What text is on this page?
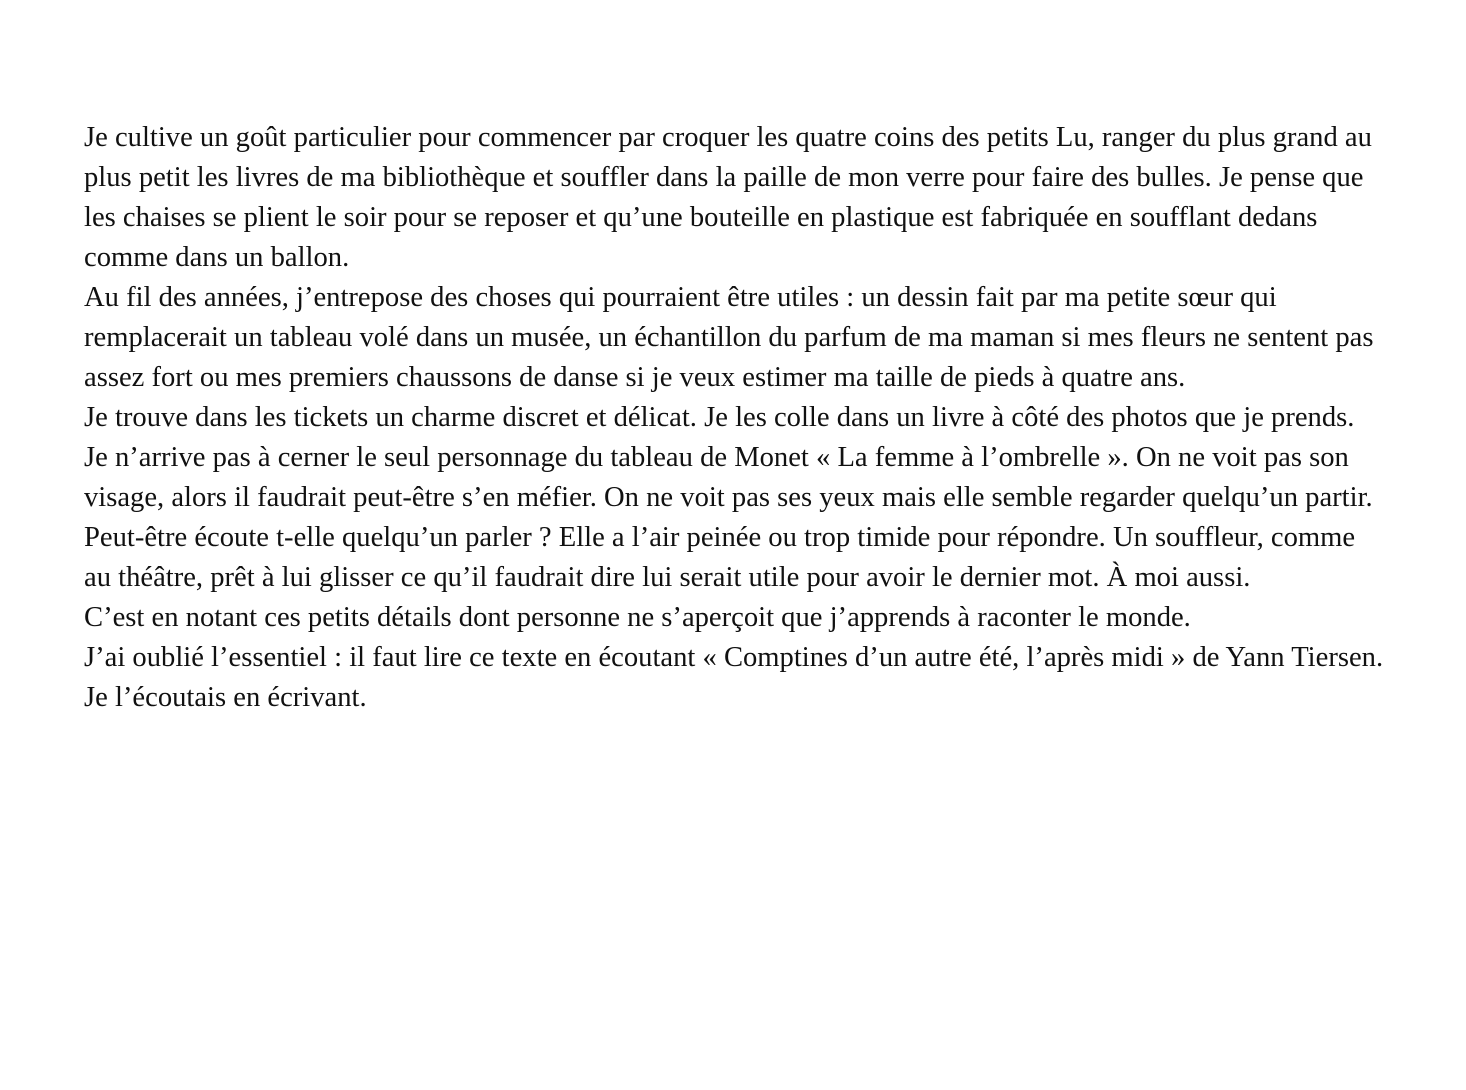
Je cultive un goût particulier pour commencer par croquer les quatre coins des petits Lu, ranger du plus grand au plus petit les livres de ma bibliothèque et souffler dans la paille de mon verre pour faire des bulles. Je pense que les chaises se plient le soir pour se reposer et qu’une bouteille en plastique est fabriquée en soufflant dedans comme dans un ballon.

Au fil des années, j’entrepose des choses qui pourraient être utiles : un dessin fait par ma petite sœur qui remplacerait un tableau volé dans un musée, un échantillon du parfum de ma maman si mes fleurs ne sentent pas assez fort ou mes premiers chaussons de danse si je veux estimer ma taille de pieds à quatre ans.

Je trouve dans les tickets un charme discret et délicat. Je les colle dans un livre à côté des photos que je prends.

Je n’arrive pas à cerner le seul personnage du tableau de Monet « La femme à l’ombrelle ». On ne voit pas son visage, alors il faudrait peut-être s’en méfier. On ne voit pas ses yeux mais elle semble regarder quelqu’un partir. Peut-être écoute t-elle quelqu’un parler ? Elle a l’air peinée ou trop timide pour répondre. Un souffleur, comme au théâtre, prêt à lui glisser ce qu’il faudrait dire lui serait utile pour avoir le dernier mot. À moi aussi.

C’est en notant ces petits détails dont personne ne s’aperçoit que j’apprends à raconter le monde.

J’ai oublié l’essentiel : il faut lire ce texte en écoutant « Comptines d’un autre été, l’après midi » de Yann Tiersen. Je l’écoutais en écrivant.
